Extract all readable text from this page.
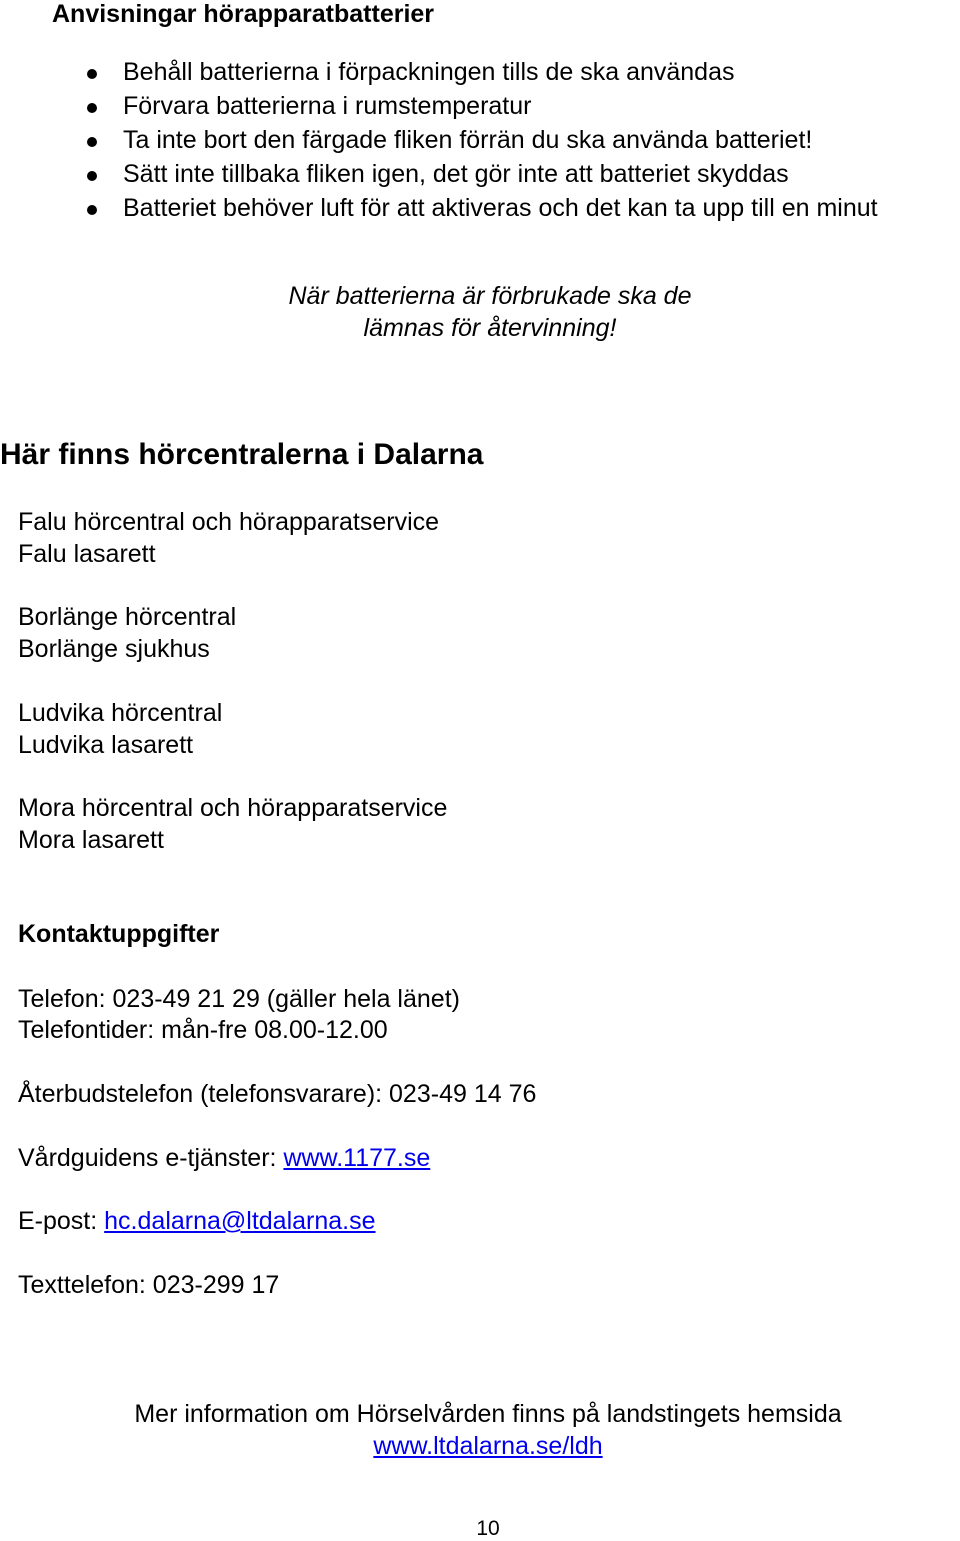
Anvisningar hörapparatbatterier
Behåll batterierna i förpackningen tills de ska användas
Förvara batterierna i rumstemperatur
Ta inte bort den färgade fliken förrän du ska använda batteriet!
Sätt inte tillbaka fliken igen, det gör inte att batteriet skyddas
Batteriet behöver luft för att aktiveras och det kan ta upp till en minut
När batterierna är förbrukade ska de
lämnas för återvinning!
Här finns hörcentralerna i Dalarna
Falu hörcentral och hörapparatservice
Falu lasarett
Borlänge hörcentral
Borlänge sjukhus
Ludvika hörcentral
Ludvika lasarett
Mora hörcentral och hörapparatservice
Mora lasarett
Kontaktuppgifter
Telefon: 023-49 21 29 (gäller hela länet)
Telefontider: mån-fre 08.00-12.00
Återbudstelefon (telefonsvarare): 023-49 14 76
Vårdguidens e-tjänster: www.1177.se
E-post: hc.dalarna@ltdalarna.se
Texttelefon: 023-299 17
Mer information om Hörselvården finns på landstingets hemsida
www.ltdalarna.se/ldh
10
